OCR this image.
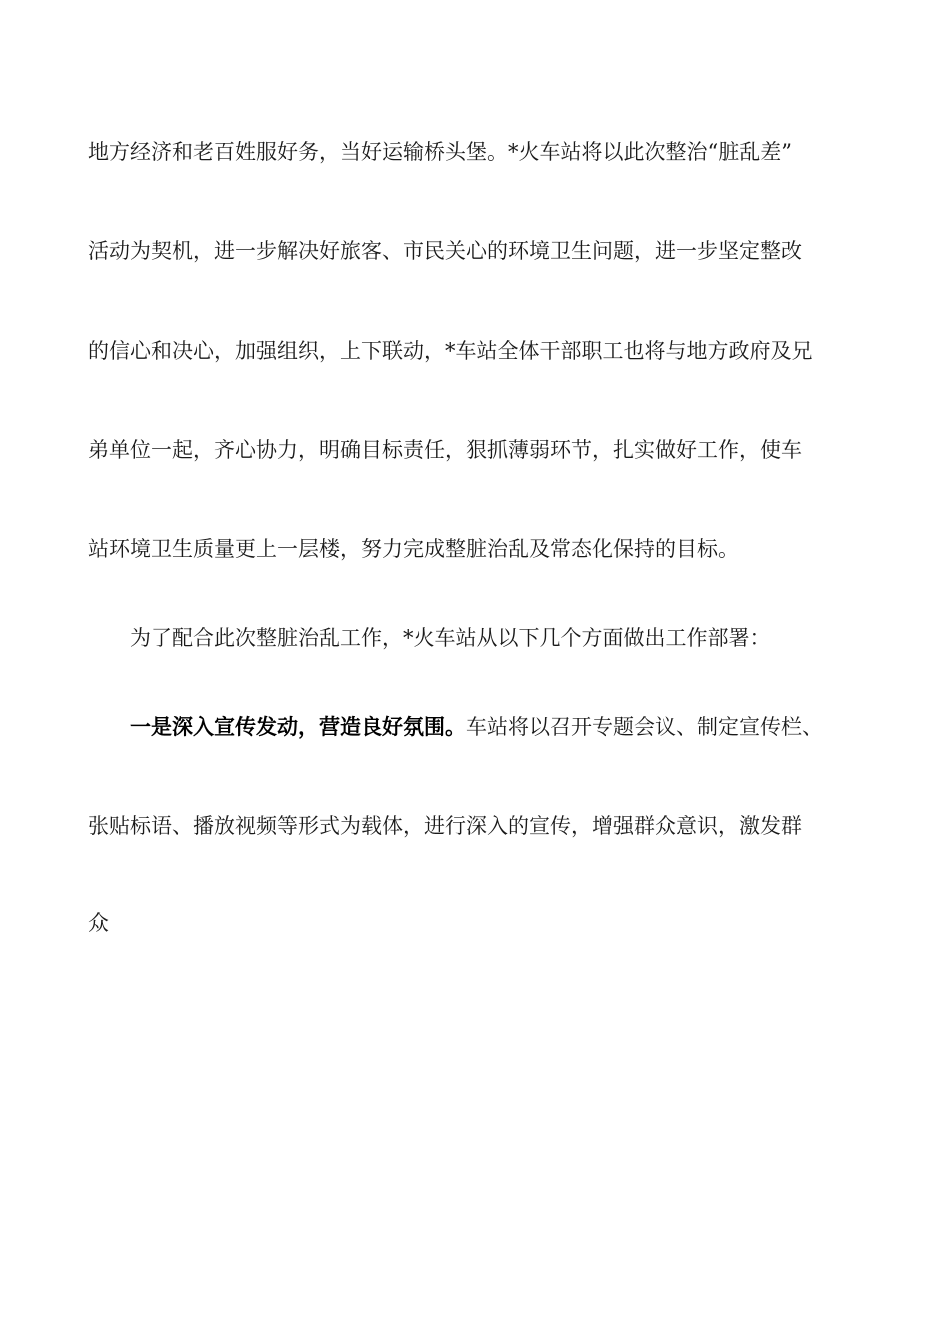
地方经济和老百姓服好务，当好运输桥头堡。*火车站将以此次整治“脏乱差”
活动为契机，进一步解决好旅客、市民关心的环境卫生问题，进一步坚定整改
的信心和决心，加强组织，上下联动，*车站全体干部职工也将与地方政府及兄
弟单位一起，齐心协力，明确目标责任，狠抓薄弱环节，扎实做好工作，使车
站环境卫生质量更上一层楼，努力完成整脏治乱及常态化保持的目标。
为了配合此次整脏治乱工作，*火车站从以下几个方面做出工作部署：
一是深入宣传发动，营造良好氛围。车站将以召开专题会议、制定宣传栏、
张贴标语、播放视频等形式为载体，进行深入的宣传，增强群众意识，激发群
众
